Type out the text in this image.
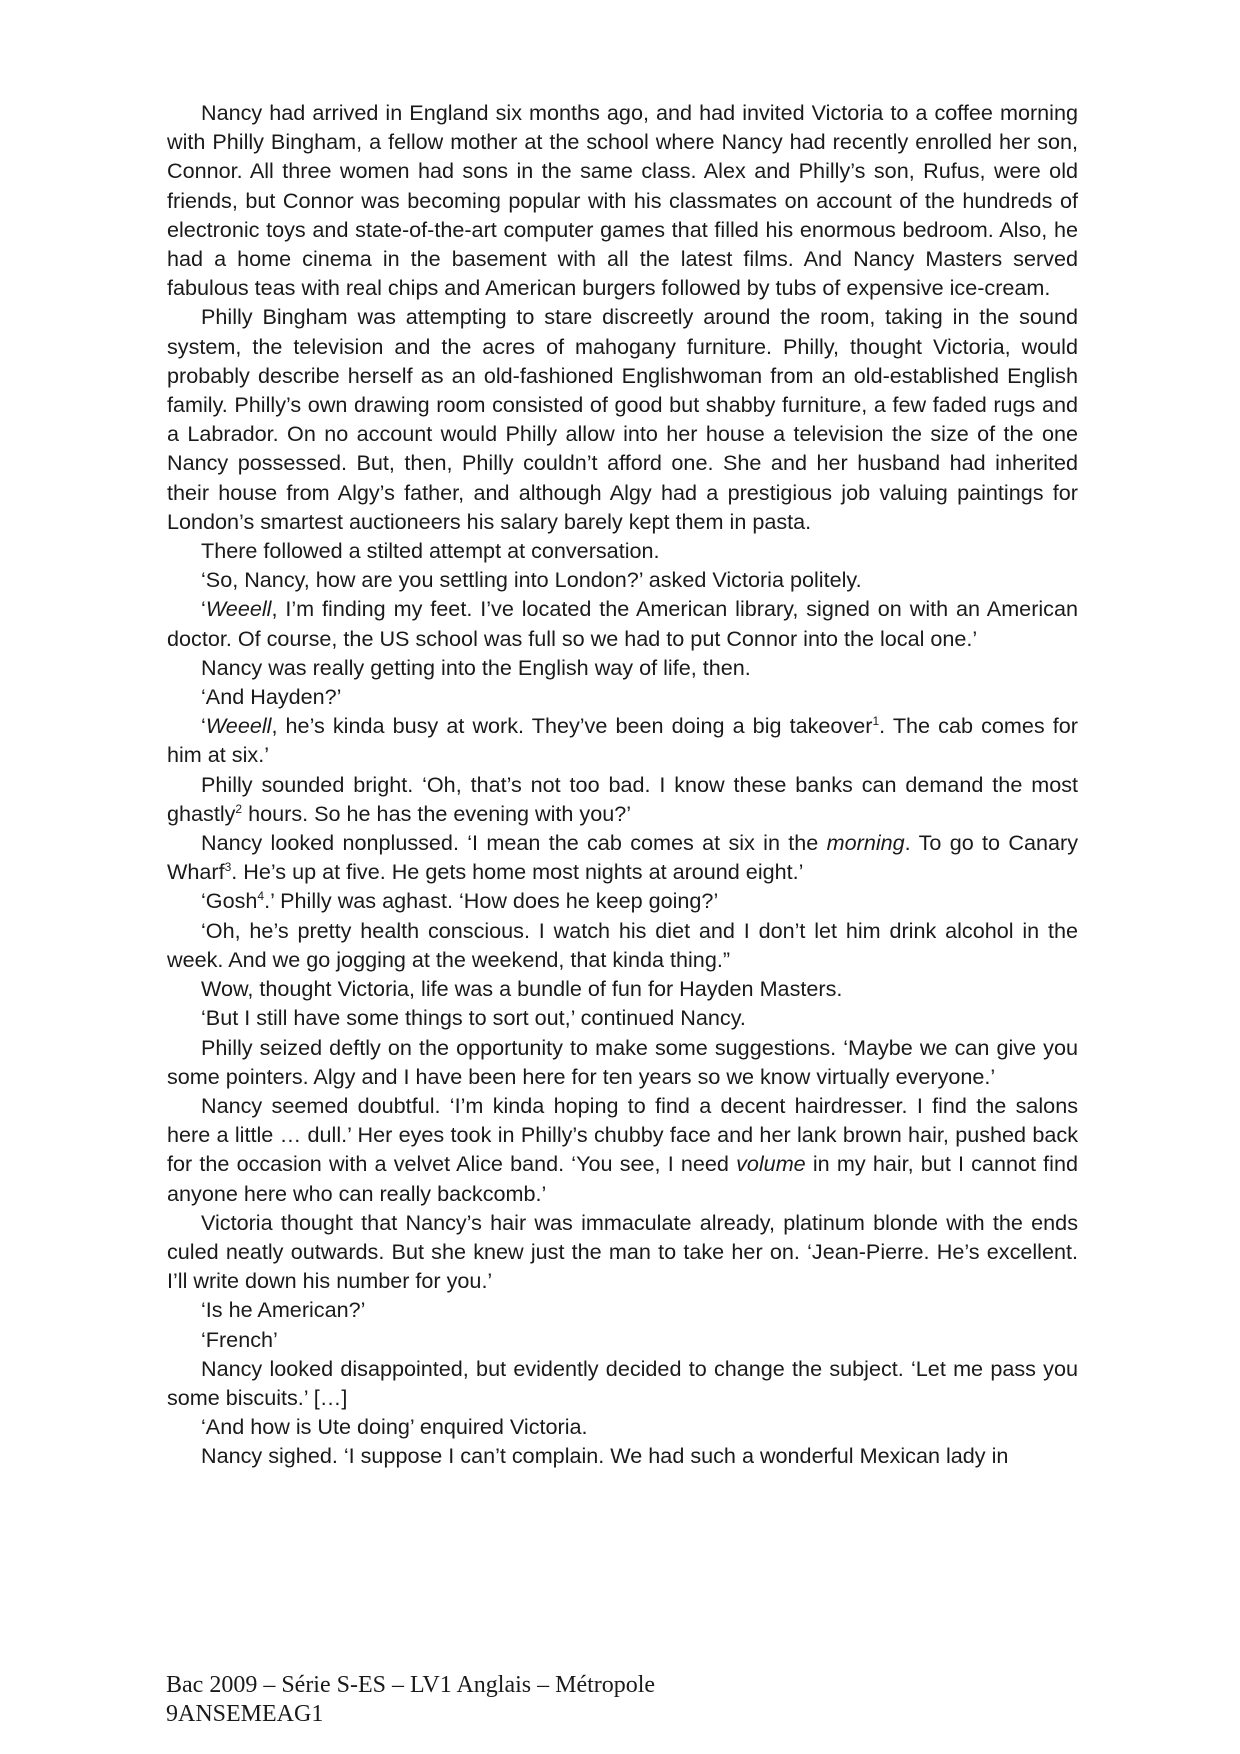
Nancy had arrived in England six months ago, and had invited Victoria to a coffee morning with Philly Bingham, a fellow mother at the school where Nancy had recently enrolled her son, Connor. All three women had sons in the same class. Alex and Philly’s son, Rufus, were old friends, but Connor was becoming popular with his classmates on account of the hundreds of electronic toys and state-of-the-art computer games that filled his enormous bedroom. Also, he had a home cinema in the basement with all the latest films. And Nancy Masters served fabulous teas with real chips and American burgers followed by tubs of expensive ice-cream.

Philly Bingham was attempting to stare discreetly around the room, taking in the sound system, the television and the acres of mahogany furniture. Philly, thought Victoria, would probably describe herself as an old-fashioned Englishwoman from an old-established English family. Philly’s own drawing room consisted of good but shabby furniture, a few faded rugs and a Labrador. On no account would Philly allow into her house a television the size of the one Nancy possessed. But, then, Philly couldn’t afford one. She and her husband had inherited their house from Algy’s father, and although Algy had a prestigious job valuing paintings for London’s smartest auctioneers his salary barely kept them in pasta.

There followed a stilted attempt at conversation.

‘So, Nancy, how are you settling into London?’ asked Victoria politely.

‘Weeell, I’m finding my feet. I’ve located the American library, signed on with an American doctor. Of course, the US school was full so we had to put Connor into the local one.’

Nancy was really getting into the English way of life, then.

‘And Hayden?’

‘Weeell, he’s kinda busy at work. They’ve been doing a big takeover$^1$. The cab comes for him at six.’

Philly sounded bright. ‘Oh, that’s not too bad. I know these banks can demand the most ghastly$^2$ hours. So he has the evening with you?’

Nancy looked nonplussed. ‘I mean the cab comes at six in the morning. To go to Canary Wharf$^3$. He’s up at five. He gets home most nights at around eight.’

‘Gosh$^4$.’ Philly was aghast. ‘How does he keep going?’

‘Oh, he’s pretty health conscious. I watch his diet and I don’t let him drink alcohol in the week. And we go jogging at the weekend, that kinda thing.”

Wow, thought Victoria, life was a bundle of fun for Hayden Masters.

‘But I still have some things to sort out,’ continued Nancy.

Philly seized deftly on the opportunity to make some suggestions. ‘Maybe we can give you some pointers. Algy and I have been here for ten years so we know virtually everyone.’

Nancy seemed doubtful. ‘I’m kinda hoping to find a decent hairdresser. I find the salons here a little … dull.’ Her eyes took in Philly’s chubby face and her lank brown hair, pushed back for the occasion with a velvet Alice band. ‘You see, I need volume in my hair, but I cannot find anyone here who can really backcomb.’

Victoria thought that Nancy’s hair was immaculate already, platinum blonde with the ends culed neatly outwards. But she knew just the man to take her on. ‘Jean-Pierre. He’s excellent. I’ll write down his number for you.’

‘Is he American?’

‘French’

Nancy looked disappointed, but evidently decided to change the subject. ‘Let me pass you some biscuits.’ […]

‘And how is Ute doing’ enquired Victoria.

Nancy sighed. ‘I suppose I can’t complain. We had such a wonderful Mexican lady in

Bac 2009 – Série S-ES – LV1 Anglais – Métropole
9ANSEMEAG1
